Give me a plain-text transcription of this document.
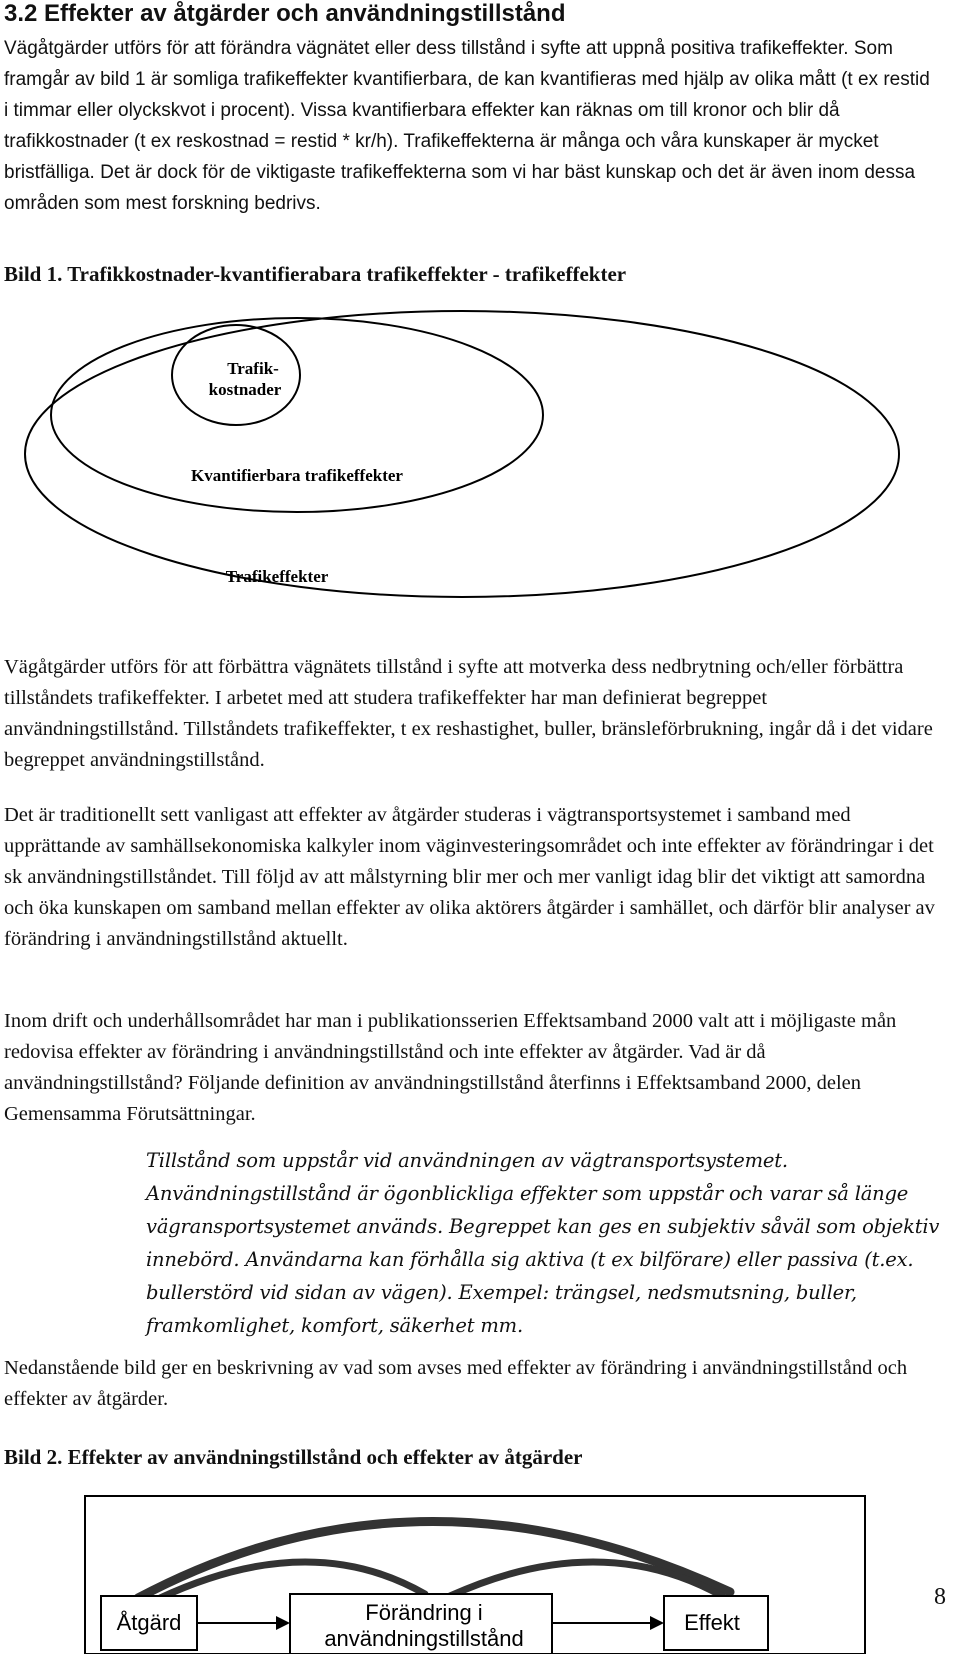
3.2 Effekter av åtgärder och användningstillstånd

Vägåtgärder utförs för att förändra vägnätet eller dess tillstånd i syfte att uppnå positiva trafikeffekter. Som framgår av bild 1 är somliga trafikeffekter kvantifierbara, de kan kvantifieras med hjälp av olika mått (t ex restid i timmar eller olyckskvot i procent). Vissa kvantifierbara effekter kan räknas om till kronor och blir då trafikkostnader (t ex reskostnad = restid * kr/h). Trafikeffekterna är många och våra kunskaper är mycket bristfälliga. Det är dock för de viktigaste trafikeffekterna som vi har bäst kunskap och det är även inom dessa områden som mest forskning bedrivs.

Bild 1. Trafikkostnader-kvantifierabara trafikeffekter - trafikeffekter
Trafik-
kostnader
Kvantifierbara trafikeffekter
Trafikeffekter

Vägåtgärder utförs för att förbättra vägnätets tillstånd i syfte att motverka dess nedbrytning och/eller förbättra tillståndets trafikeffekter. I arbetet med att studera trafikeffekter har man definierat begreppet användningstillstånd. Tillståndets trafikeffekter, t ex reshastighet, buller, bränsleförbrukning, ingår då i det vidare begreppet användningstillstånd.

Det är traditionellt sett vanligast att effekter av åtgärder studeras i vägtransportsystemet i samband med upprättande av samhällsekonomiska kalkyler inom väginvesteringsområdet och inte effekter av förändringar i det sk användningstillståndet. Till följd av att målstyrning blir mer och mer vanligt idag blir det viktigt att samordna och öka kunskapen om samband mellan effekter av olika aktörers åtgärder i samhället, och därför blir analyser av förändring i användningstillstånd aktuellt.

Inom drift och underhållsområdet har man i publikationsserien Effektsamband 2000 valt att i möjligaste mån redovisa effekter av förändring i användningstillstånd och inte effekter av åtgärder. Vad är då användningstillstånd? Följande definition av användningstillstånd återfinns i Effektsamband 2000, delen Gemensamma Förutsättningar.

Tillstånd som uppstår vid användningen av vägtransportsystemet. Användningstillstånd är ögonblickliga effekter som uppstår och varar så länge vägransportsystemet används. Begreppet kan ges en subjektiv såväl som objektiv innebörd. Användarna kan förhålla sig aktiva (t ex bilförare) eller passiva (t.ex. bullerstörd vid sidan av vägen). Exempel: trängsel, nedsmutsning, buller, framkomlighet, komfort, säkerhet mm.

Nedanstående bild ger en beskrivning av vad som avses med effekter av förändring i användningstillstånd och effekter av åtgärder.

Bild 2. Effekter av användningstillstånd och effekter av åtgärder
Åtgärd	Förändring i
användningstillstånd
Effekt
8
